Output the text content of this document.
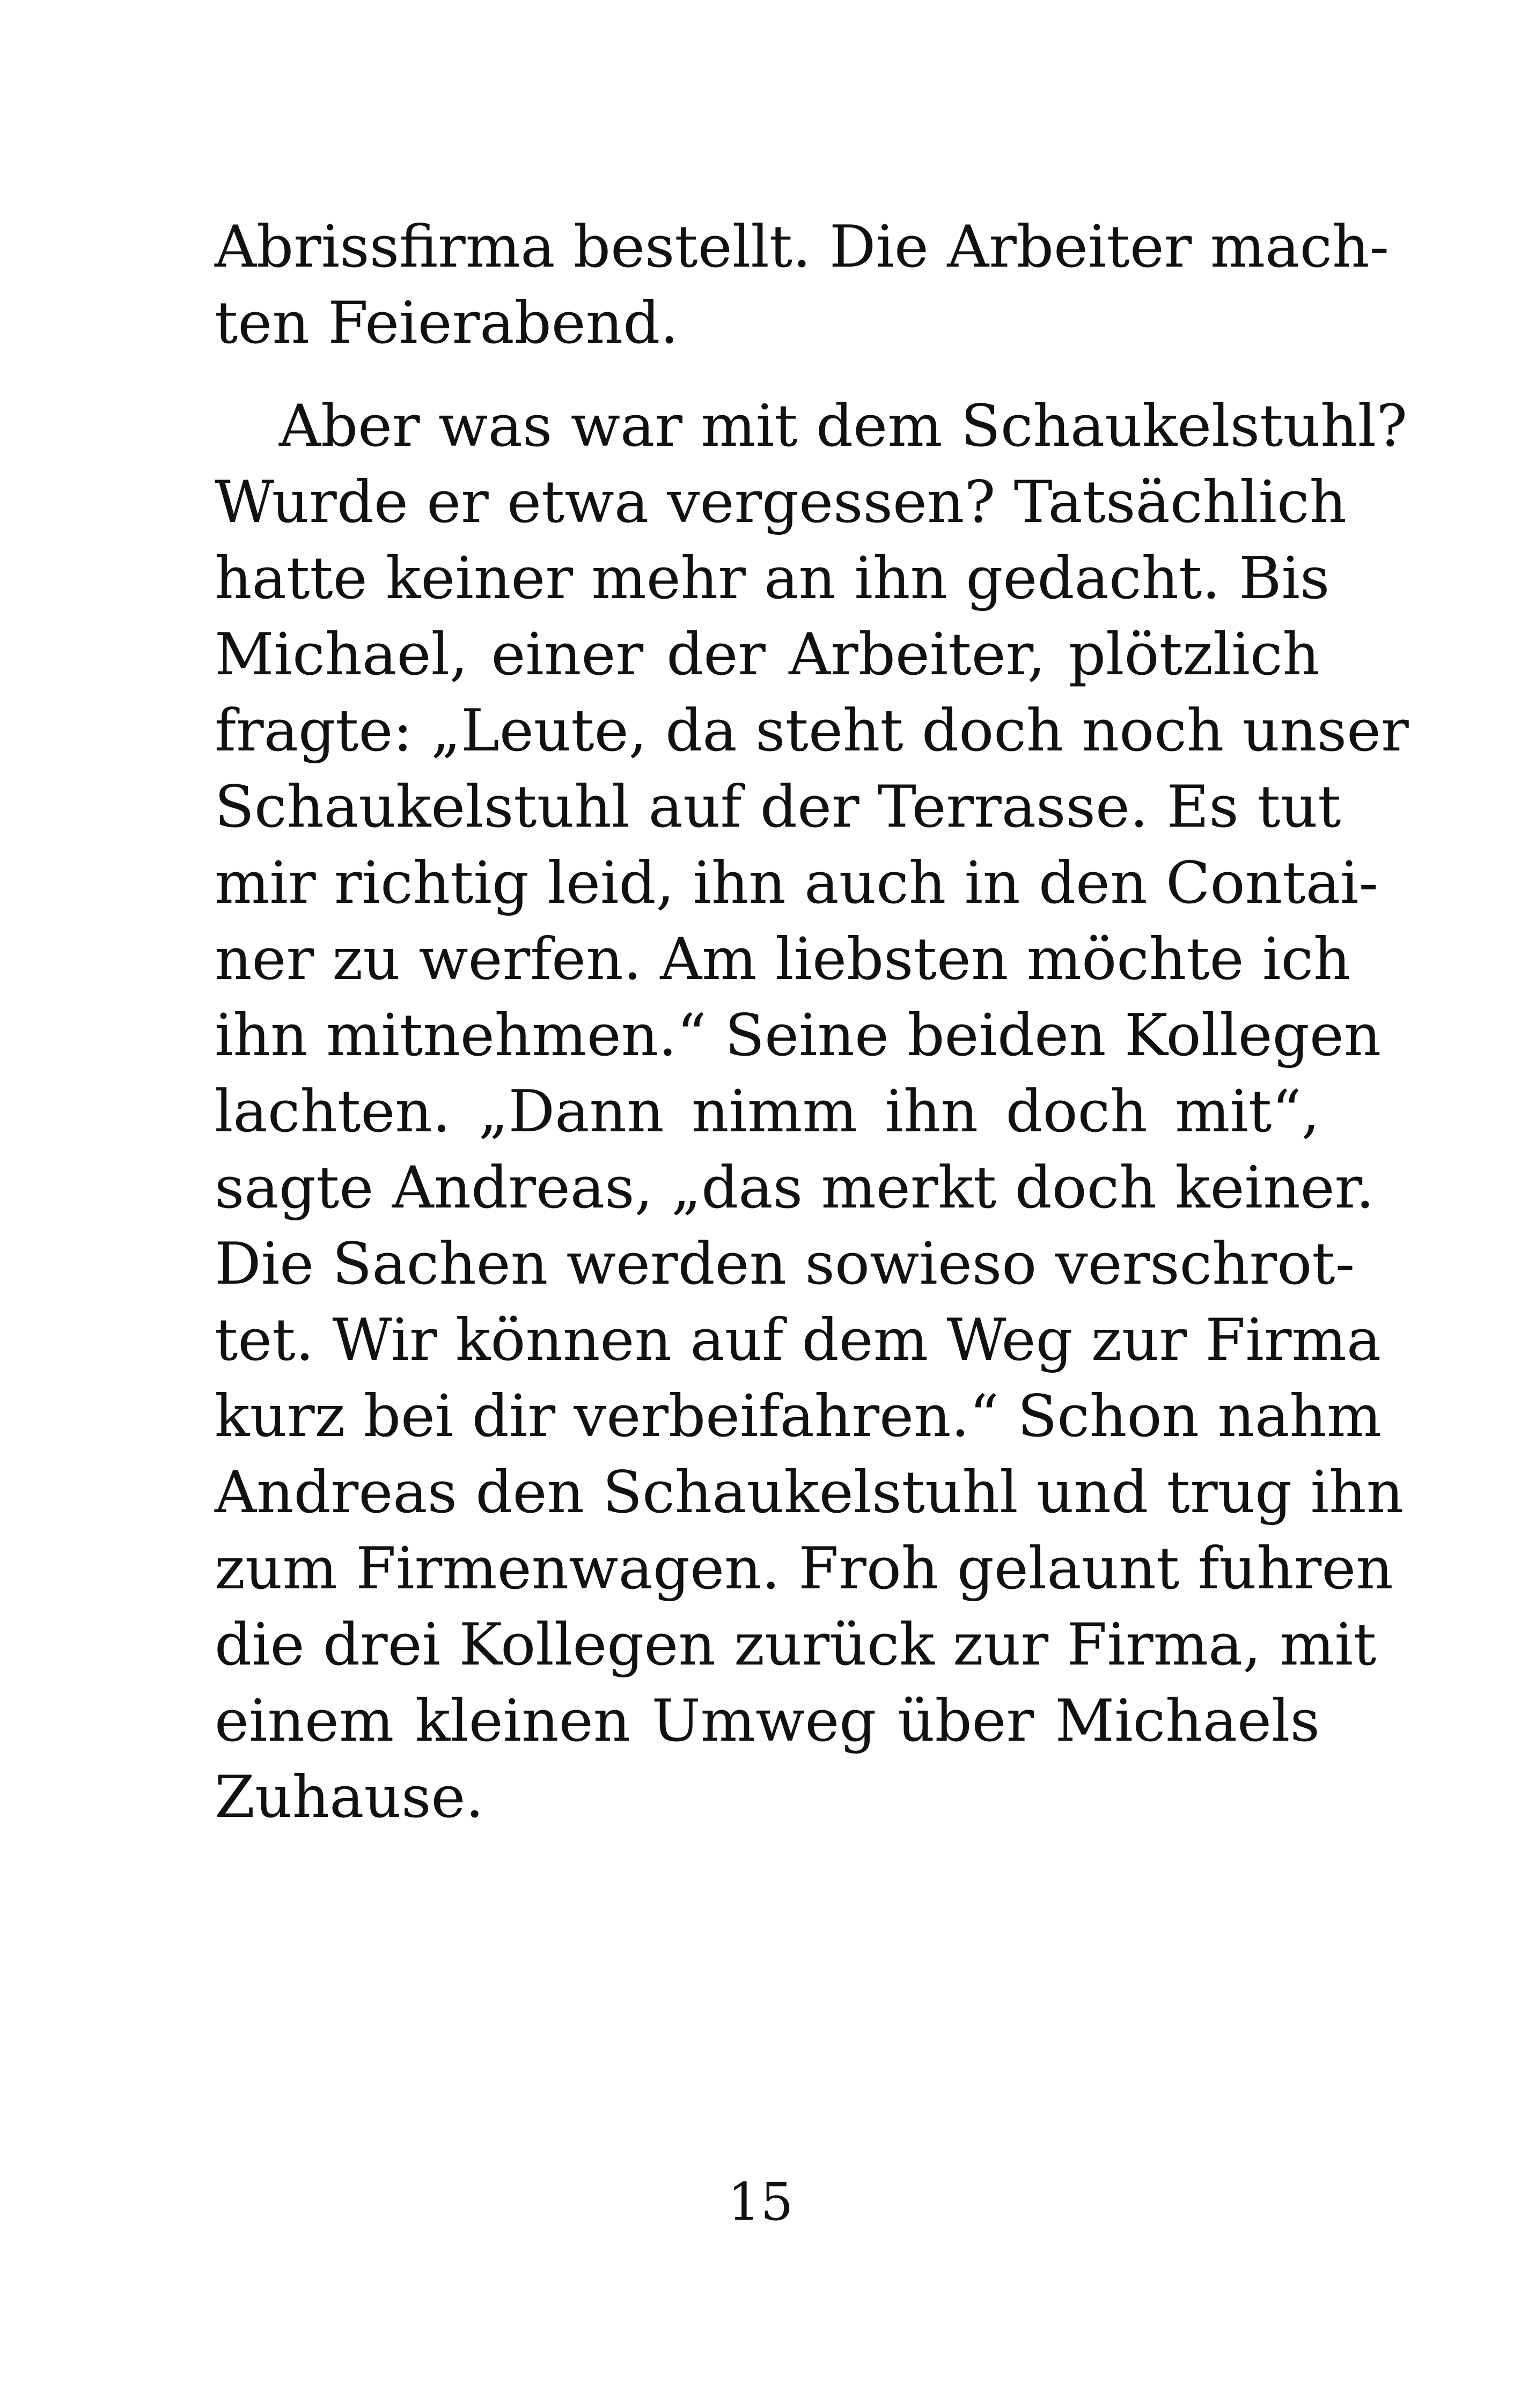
Abrissfirma bestellt. Die Arbeiter mach-
ten Feierabend.
Aber was war mit dem Schaukelstuhl?
Wurde er etwa vergessen? Tatsächlich
hatte keiner mehr an ihn gedacht. Bis
Michael, einer der Arbeiter, plötzlich
fragte: „Leute, da steht doch noch unser
Schaukelstuhl auf der Terrasse. Es tut
mir richtig leid, ihn auch in den Contai-
ner zu werfen. Am liebsten möchte ich
ihn mitnehmen.“ Seine beiden Kollegen
lachten. „Dann nimm ihn doch mit“,
sagte Andreas, „das merkt doch keiner.
Die Sachen werden sowieso verschrot-
tet. Wir können auf dem Weg zur Firma
kurz bei dir verbeifahren.“ Schon nahm
Andreas den Schaukelstuhl und trug ihn
zum Firmenwagen. Froh gelaunt fuhren
die drei Kollegen zurück zur Firma, mit
einem kleinen Umweg über Michaels
Zuhause.
15
